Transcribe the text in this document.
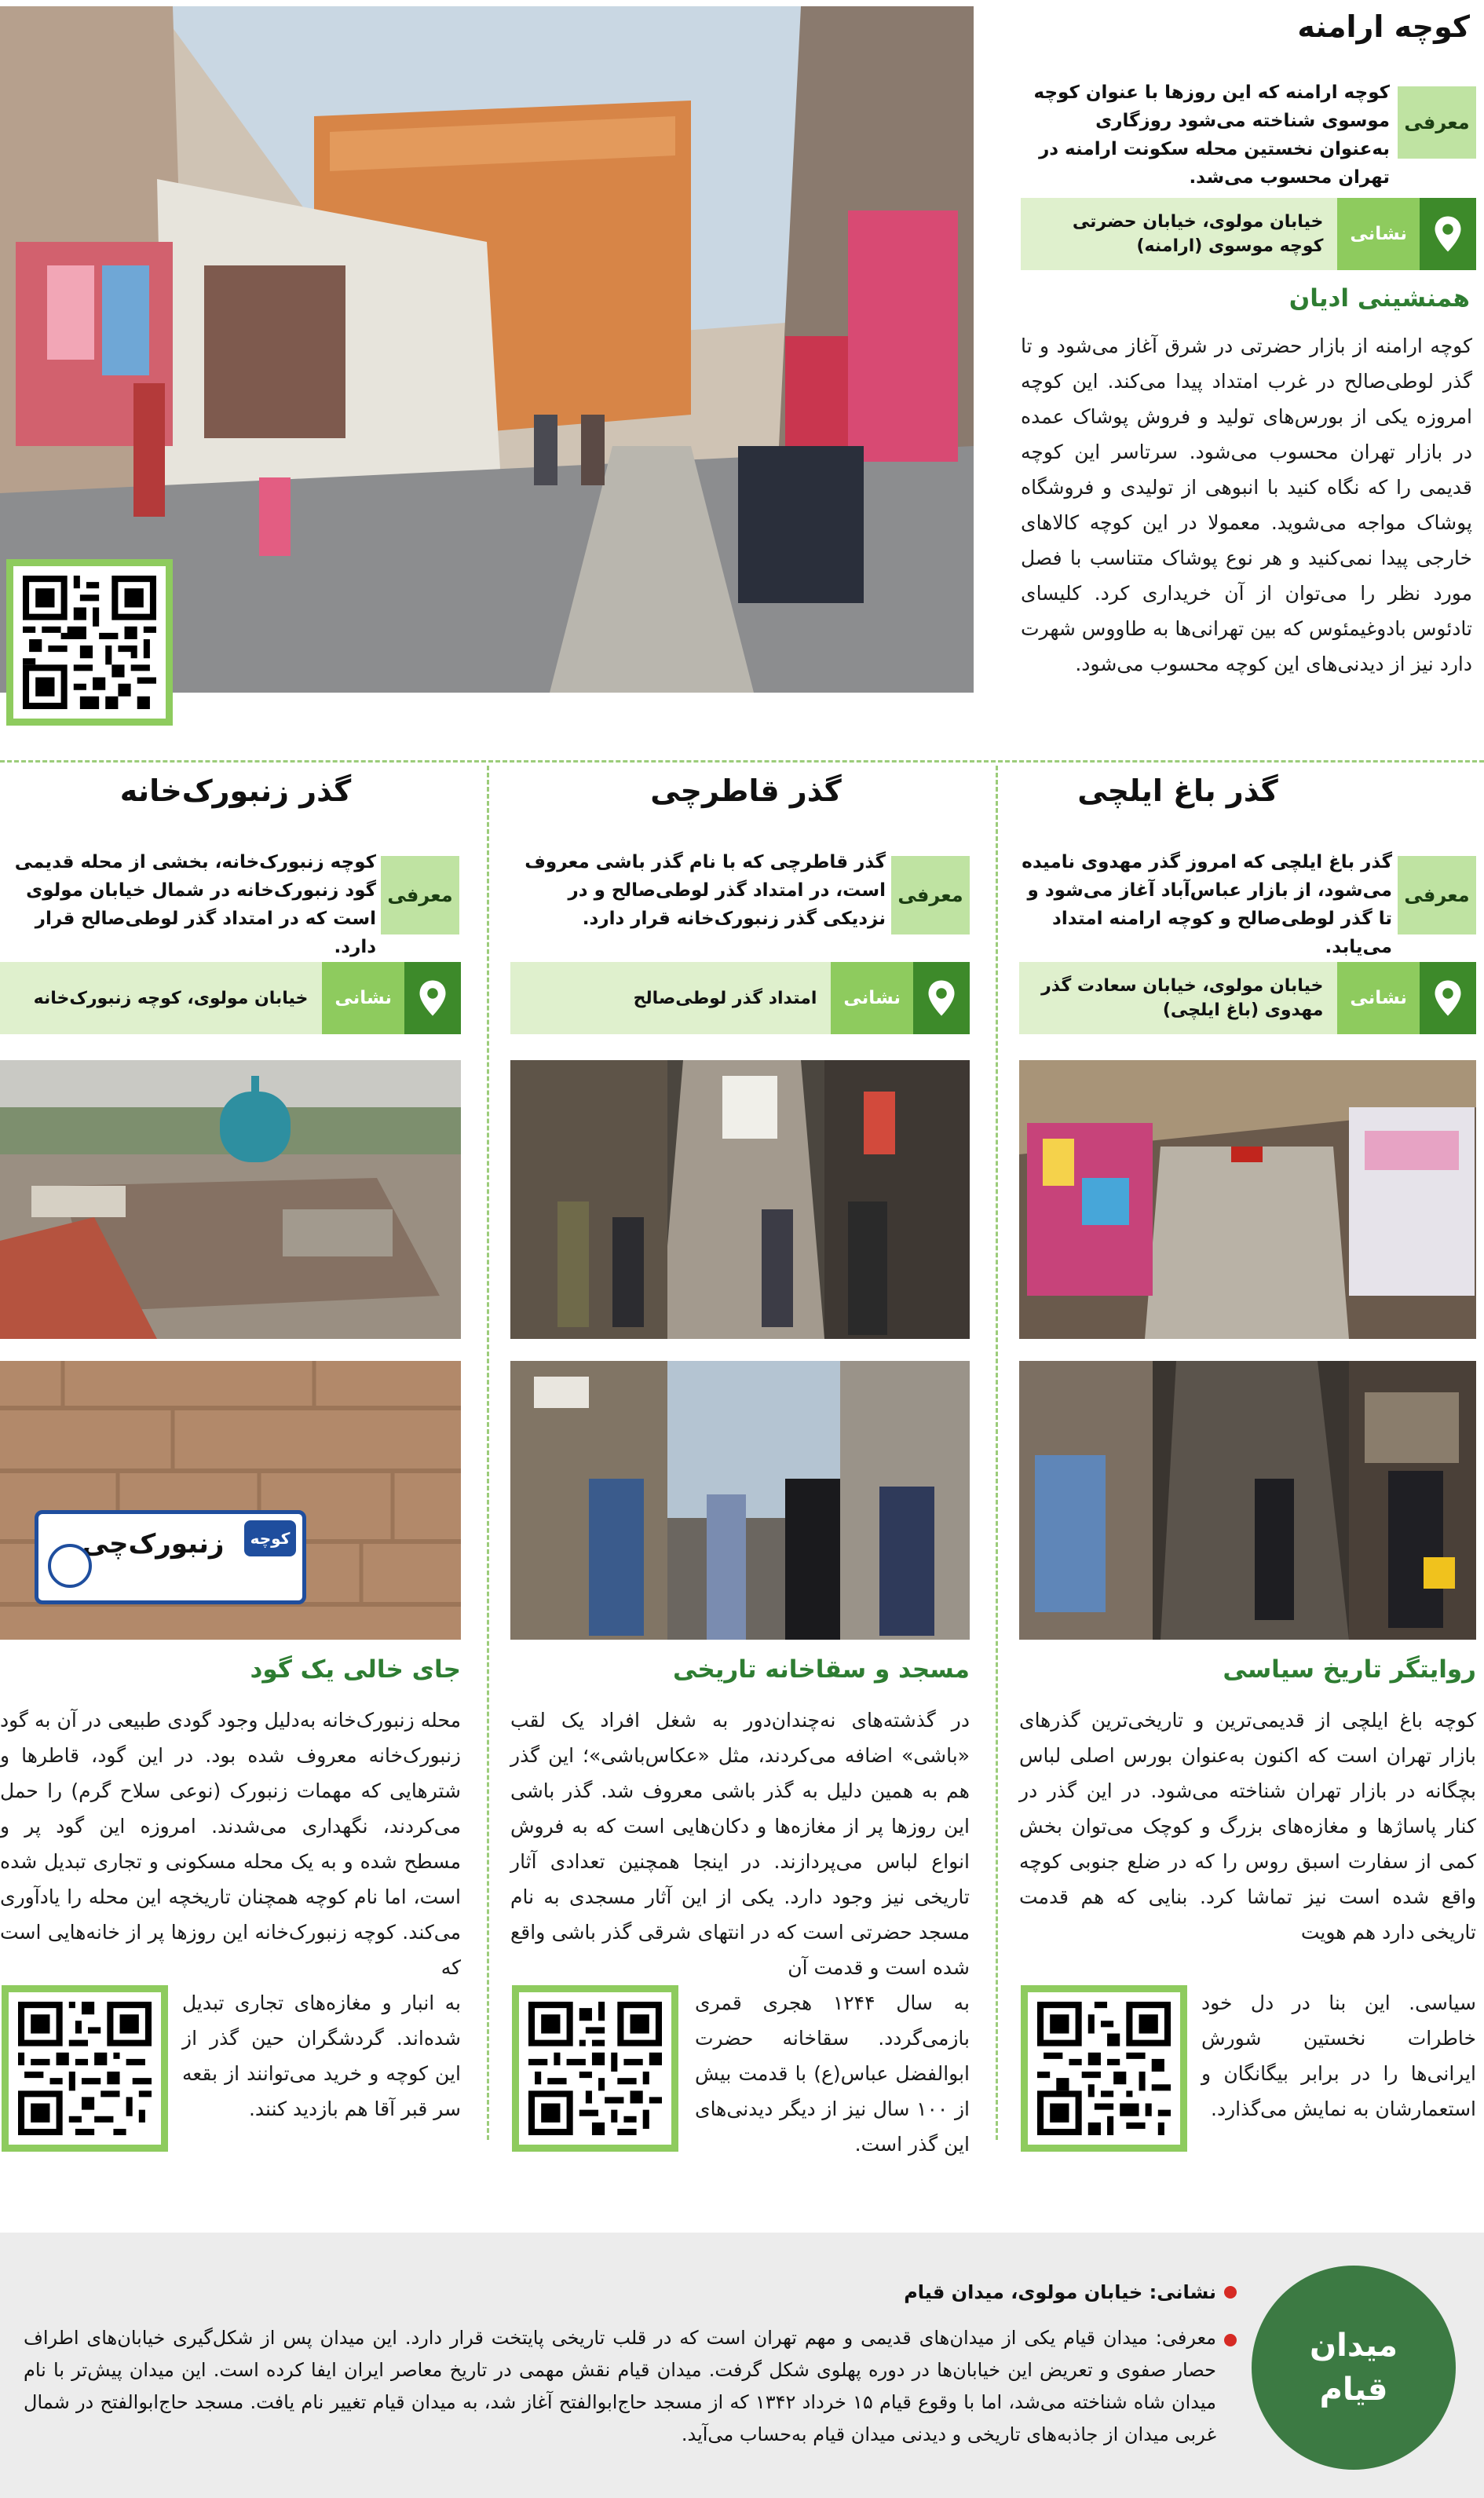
کوچه ارامنه
معرفی
کوچه ارامنه که این روزها با عنوان کوچه موسوی شناخته می‌شود روزگاری به‌عنوان نخستین محله سکونت ارامنه در تهران محسوب می‌شد.
نشانی
خیابان مولوی، خیابان حضرتی کوچه موسوی (ارامنه)
همنشینی ادیان
کوچه ارامنه از بازار حضرتی در شرق آغاز می‌شود و تا گذر لوطی‌صالح در غرب امتداد پیدا می‌کند. این کوچه امروزه یکی از بورس‌های تولید و فروش پوشاک عمده در بازار تهران محسوب می‌شود. سرتاسر این کوچه قدیمی را که نگاه کنید با انبوهی از تولیدی و فروشگاه پوشاک مواجه می‌شوید. معمولا در این کوچه کالاهای خارجی پیدا نمی‌کنید و هر نوع پوشاک متناسب با فصل مورد نظر را می‌توان از آن خریداری کرد. کلیسای تادئوس بادوغیمئوس که بین تهرانی‌ها به طاووس شهرت دارد نیز از دیدنی‌های این کوچه محسوب می‌شود.
گذر باغ ایلچی
معرفی
گذر باغ ایلچی که امروز گذر مهدوی نامیده می‌شود، از بازار عباس‌آباد آغاز می‌شود و تا گذر لوطی‌صالح و کوچه ارامنه امتداد می‌یابد.
نشانی
خیابان مولوی، خیابان سعادت گذر مهدوی (باغ ایلچی)
روایتگر تاریخ سیاسی
کوچه باغ ایلچی از قدیمی‌ترین و تاریخی‌ترین گذرهای بازار تهران است که اکنون به‌عنوان بورس اصلی لباس بچگانه در بازار تهران شناخته می‌شود. در این گذر در کنار پاساژها و مغازه‌های بزرگ و کوچک می‌توان بخش کمی از سفارت اسبق روس را که در ضلع جنوبی کوچه واقع شده است نیز تماشا کرد. بنایی که هم قدمت تاریخی دارد هم هویت
سیاسی. این بنا در دل خود خاطرات نخستین شورش ایرانی‌ها را در برابر بیگانگان و استعمارشان به نمایش می‌گذارد.
گذر قاطرچی
معرفی
گذر قاطرچی که با نام گذر باشی معروف است، در امتداد گذر لوطی‌صالح و در نزدیکی گذر زنبورک‌خانه قرار دارد.
نشانی
امتداد گذر لوطی‌صالح
مسجد و سقاخانه تاریخی
در گذشته‌های نه‌چندان‌دور به شغل افراد یک لقب «باشی» اضافه می‌کردند، مثل «عکاس‌باشی»؛ این گذر هم به همین دلیل به گذر باشی معروف شد. گذر باشی این روزها پر از مغازه‌ها و دکان‌هایی است که به فروش انواع لباس می‌پردازند. در اینجا همچنین تعدادی آثار تاریخی نیز وجود دارد. یکی از این آثار مسجدی به نام مسجد حضرتی است که در انتهای شرقی گذر باشی واقع شده است و قدمت آن
به سال ۱۲۴۴ هجری قمری بازمی‌گردد. سقاخانه حضرت ابوالفضل عباس(ع) با قدمت بیش از ۱۰۰ سال نیز از دیگر دیدنی‌های این گذر است.
گذر زنبورک‌خانه
معرفی
کوچه زنبورک‌خانه، بخشی از محله قدیمی گود زنبورک‌خانه در شمال خیابان مولوی است که در امتداد گذر لوطی‌صالح قرار دارد.
نشانی
خیابان مولوی، کوچه زنبورک‌خانه
کوچه
زنبورک‌چی
جای خالی یک گود
محله زنبورک‌خانه به‌دلیل وجود گودی طبیعی در آن به گود زنبورک‌خانه معروف شده بود. در این گود، قاطرها و شترهایی که مهمات زنبورک (نوعی سلاح گرم) را حمل می‌کردند، نگهداری می‌شدند. امروزه این گود پر و مسطح شده و به یک محله مسکونی و تجاری تبدیل شده است، اما نام کوچه همچنان تاریخچه این محله را یادآوری می‌کند. کوچه زنبورک‌خانه این روزها پر از خانه‌هایی است که
به انبار و مغازه‌های تجاری تبدیل شده‌اند. گردشگران حین گذر از این کوچه و خرید می‌توانند از بقعه سر قبر آقا هم بازدید کنند.
میدان قیام
نشانی: خیابان مولوی، میدان قیام
معرفی: میدان قیام یکی از میدان‌های قدیمی و مهم تهران است که در قلب تاریخی پایتخت قرار دارد. این میدان پس از شکل‌گیری خیابان‌های اطراف حصار صفوی و تعریض این خیابان‌ها در دوره پهلوی شکل گرفت. میدان قیام نقش مهمی در تاریخ معاصر ایران ایفا کرده است. این میدان پیش‌تر با نام میدان شاه شناخته می‌شد، اما با وقوع قیام ۱۵ خرداد ۱۳۴۲ که از مسجد حاج‌ابوالفتح آغاز شد، به میدان قیام تغییر نام یافت. مسجد حاج‌ابوالفتح در شمال غربی میدان از جاذبه‌های تاریخی و دیدنی میدان قیام به‌حساب می‌آید.
